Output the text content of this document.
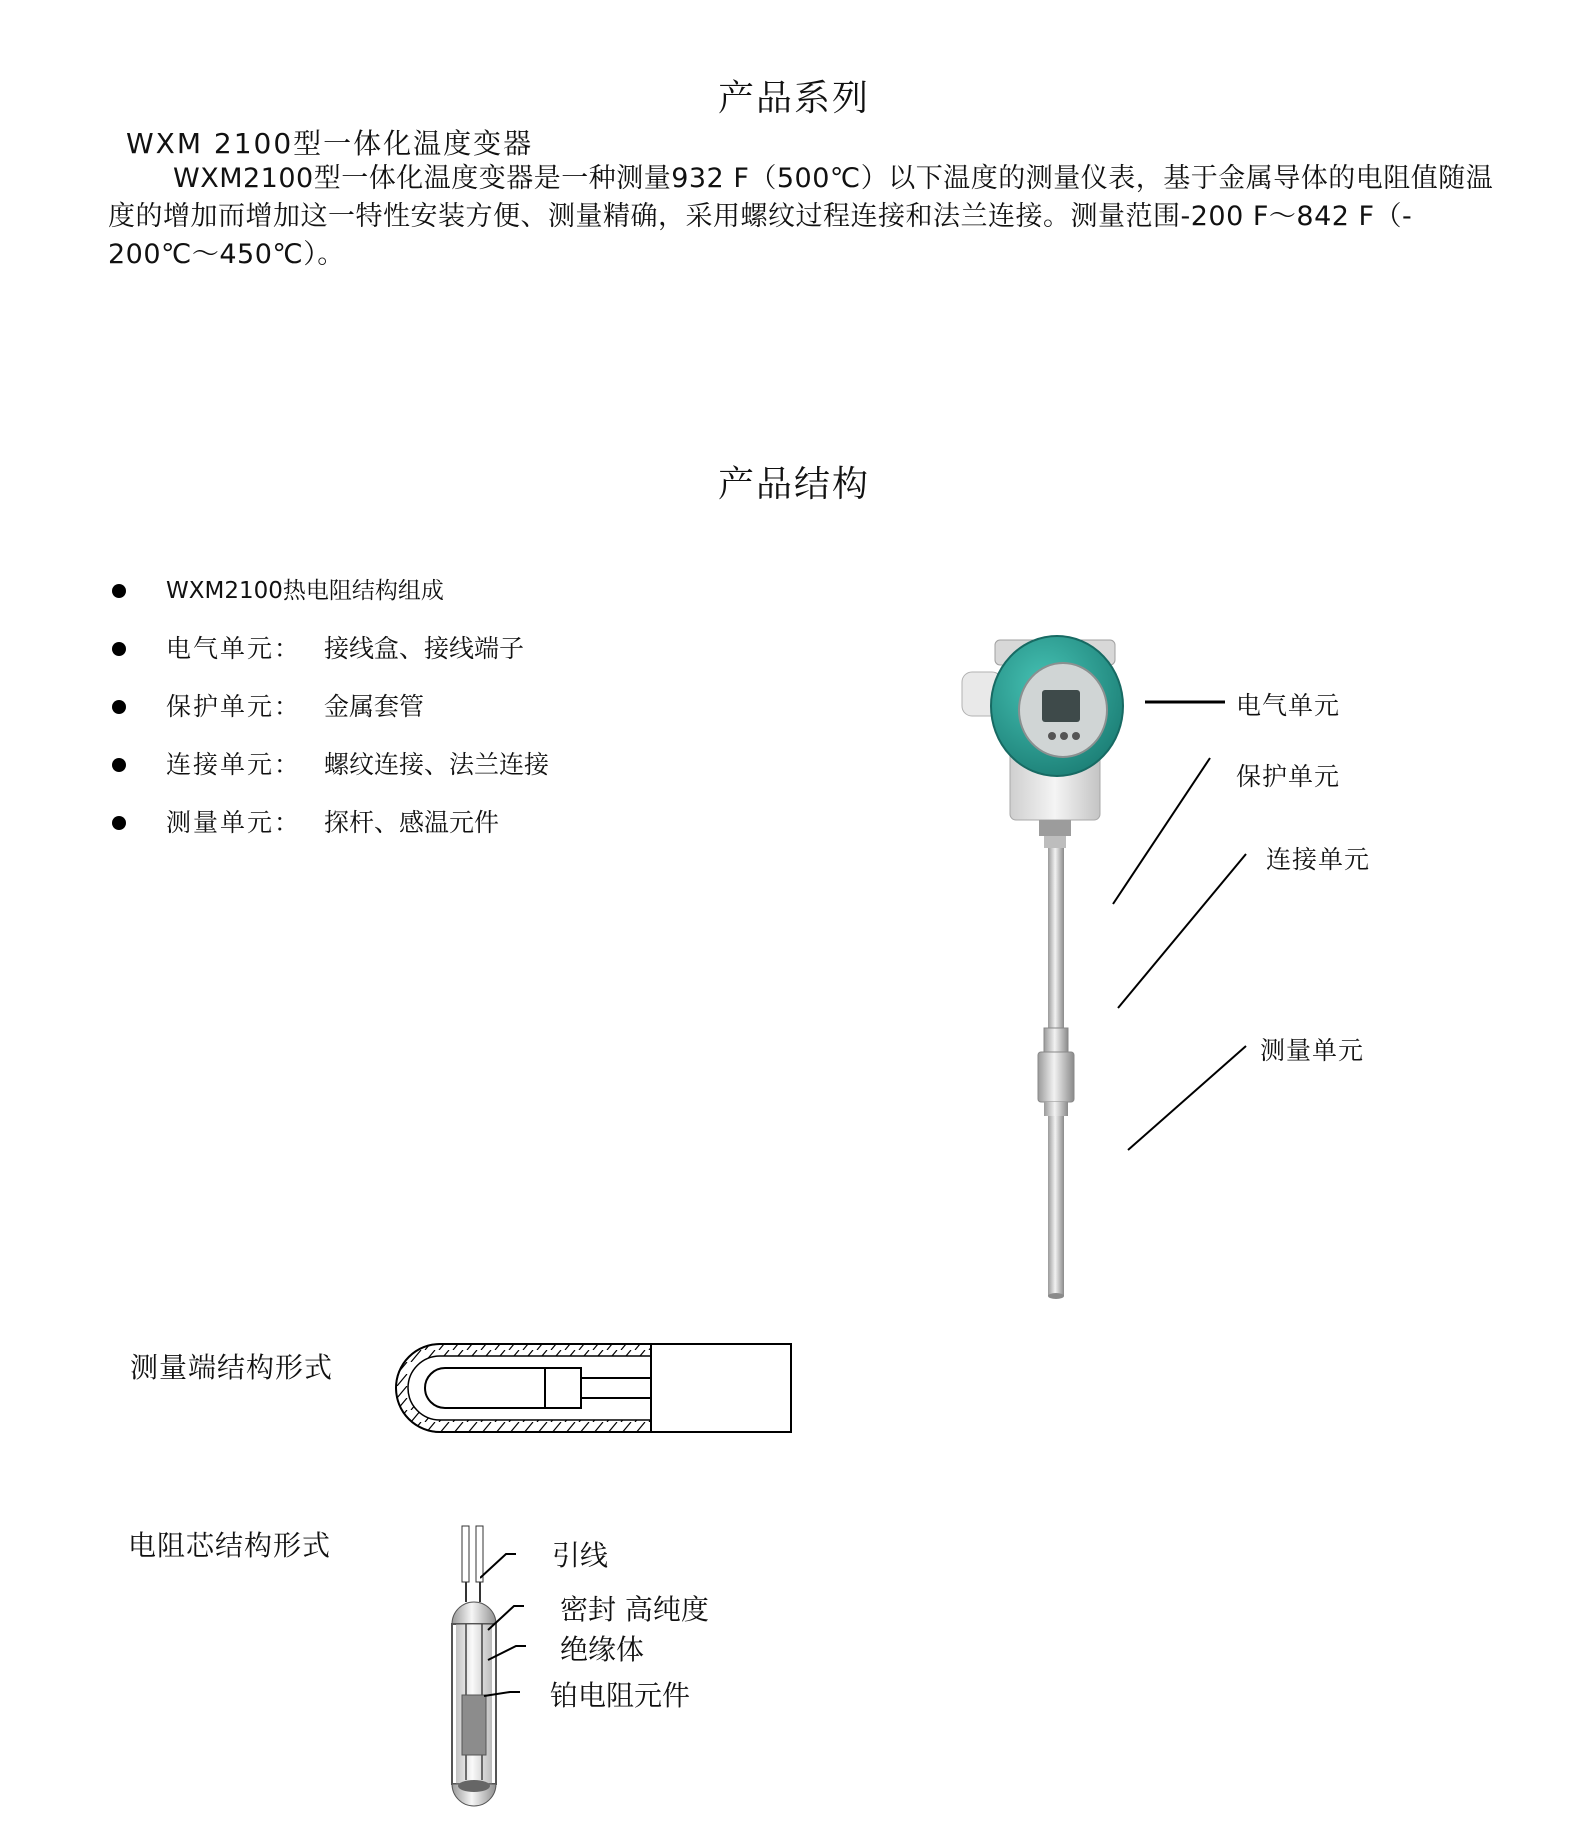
产品系列
WXM 2100型一体化温度变器
WXM2100型一体化温度变器是一种测量932 F（500℃）以下温度的测量仪表，基于金属导体的电阻值随温度的增加而增加这一特性安装方便、测量精确，采用螺纹过程连接和法兰连接。测量范围-200 F～842 F（- 200℃～450℃）。
产品结构
WXM2100热电阻结构组成
电气单元： 接线盒、接线端子
保护单元： 金属套管
连接单元： 螺纹连接、法兰连接
测量单元： 探杆、感温元件
电气单元
保护单元
连接单元
测量单元
测量端结构形式
电阻芯结构形式	引线
密封 高纯度
绝缘体
铂电阻元件
